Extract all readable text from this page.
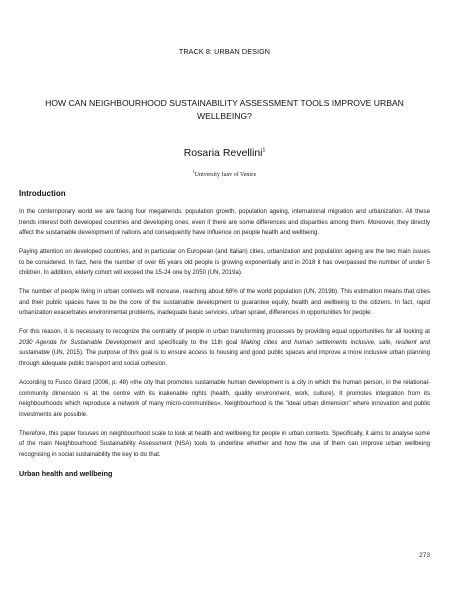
TRACK 8: URBAN DESIGN
HOW CAN NEIGHBOURHOOD SUSTAINABILITY ASSESSMENT TOOLS IMPROVE URBAN WELLBEING?
Rosaria Revellini$^1$
$^1$University Iuav of Venice
Introduction

In the contemporary world we are facing four megatrends: population growth, population ageing, international migration and urbanization. All these trends interest both developed countries and developing ones, even if there are some differences and disparities among them. Moreover, they directly affect the sustainable development of nations and consequently have influence on people health and wellbeing.

Paying attention on developed countries, and in particular on European (and Italian) cities, urbanization and population ageing are the two main issues to be considered. In fact, here the number of over 65 years old people is growing exponentially and in 2018 it has overpassed the number of under 5 children. In addition, elderly cohort will exceed the 15-24 one by 2050 (UN, 2019a).

The number of people living in urban contexts will increase, reaching about 68% of the world population (UN, 2019b). This estimation means that cities and their public spaces have to be the core of the sustainable development to guarantee equity, health and wellbeing to the citizens. In fact, rapid urbanization exacerbates environmental problems, inadequate basic services, urban sprawl, differences in opportunities for people.

For this reason, it is necessary to recognize the centrality of people in urban transforming processes by providing equal opportunities for all looking at 2030 Agenda for Sustainable Development and specifically to the 11th goal Making cities and human settlements inclusive, safe, resilient and sustainable (UN, 2015). The purpose of this goal is to ensure access to housing and good public spaces and improve a more inclusive urban planning through adequate public transport and social cohesion.

According to Fusco Girard (2006, p. 48) «the city that promotes sustainable human development is a city in which the human person, in the relational-community dimension is at the centre with its inalienable rights (health, quality environment, work, culture). It promotes integration from its neighbourhoods which reproduce a network of many micro-communities». Neighbourhood is the "ideal urban dimension" where innovation and public investments are possible.

Therefore, this paper focuses on neighbourhood scale to look at health and wellbeing for people in urban contexts. Specifically, it aims to analyse some of the main Neighbourhood Sustainability Assessment (NSA) tools to underline whether and how the use of them can improve urban wellbeing recognising in social sustainability the key to do that.

Urban health and wellbeing
273
